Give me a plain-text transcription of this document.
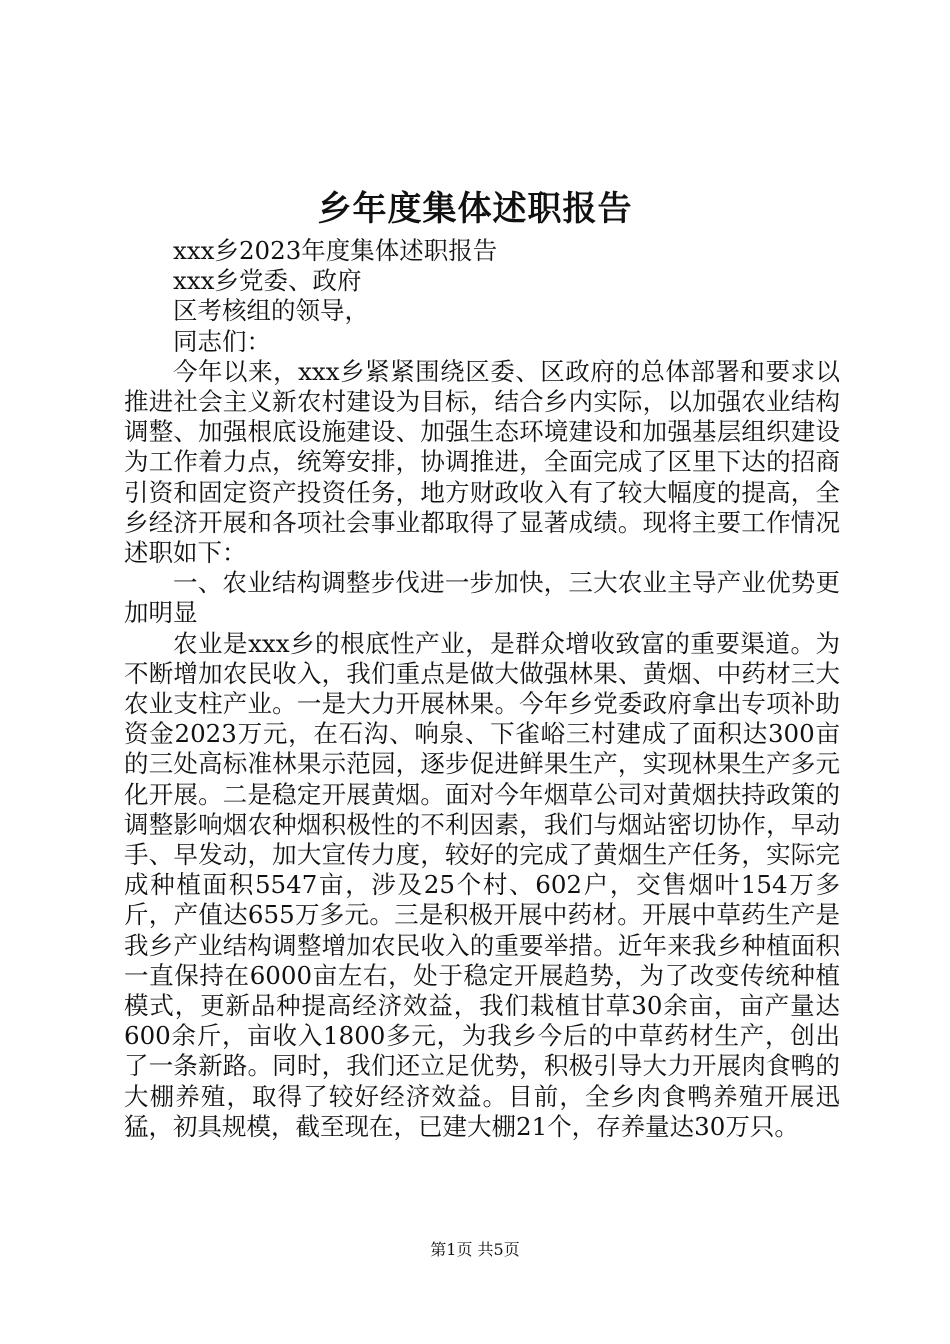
乡年度集体述职报告

xxx乡2023年度集体述职报告

xxx乡党委、政府

区考核组的领导，

同志们：

今年以来，xxx乡紧紧围绕区委、区政府的总体部署和要求以推进社会主义新农村建设为目标，结合乡内实际，以加强农业结构调整、加强根底设施建设、加强生态环境建设和加强基层组织建设为工作着力点，统筹安排，协调推进，全面完成了区里下达的招商引资和固定资产投资任务，地方财政收入有了较大幅度的提高，全乡经济开展和各项社会事业都取得了显著成绩。现将主要工作情况述职如下：

一、农业结构调整步伐进一步加快，三大农业主导产业优势更加明显

农业是xxx乡的根底性产业，是群众增收致富的重要渠道。为不断增加农民收入，我们重点是做大做强林果、黄烟、中药材三大农业支柱产业。一是大力开展林果。今年乡党委政府拿出专项补助资金2023万元，在石沟、响泉、下雀峪三村建成了面积达300亩的三处高标准林果示范园，逐步促进鲜果生产，实现林果生产多元化开展。二是稳定开展黄烟。面对今年烟草公司对黄烟扶持政策的调整影响烟农种烟积极性的不利因素，我们与烟站密切协作，早动手、早发动，加大宣传力度，较好的完成了黄烟生产任务，实际完成种植面积5547亩，涉及25个村、602户，交售烟叶154万多斤，产值达655万多元。三是积极开展中药材。开展中草药生产是我乡产业结构调整增加农民收入的重要举措。近年来我乡种植面积一直保持在6000亩左右，处于稳定开展趋势，为了改变传统种植模式，更新品种提高经济效益，我们栽植甘草30余亩，亩产量达600余斤，亩收入1800多元，为我乡今后的中草药材生产，创出了一条新路。同时，我们还立足优势，积极引导大力开展肉食鸭的大棚养殖，取得了较好经济效益。目前，全乡肉食鸭养殖开展迅猛，初具规模，截至现在，已建大棚21个，存养量达30万只。

第1页 共5页
